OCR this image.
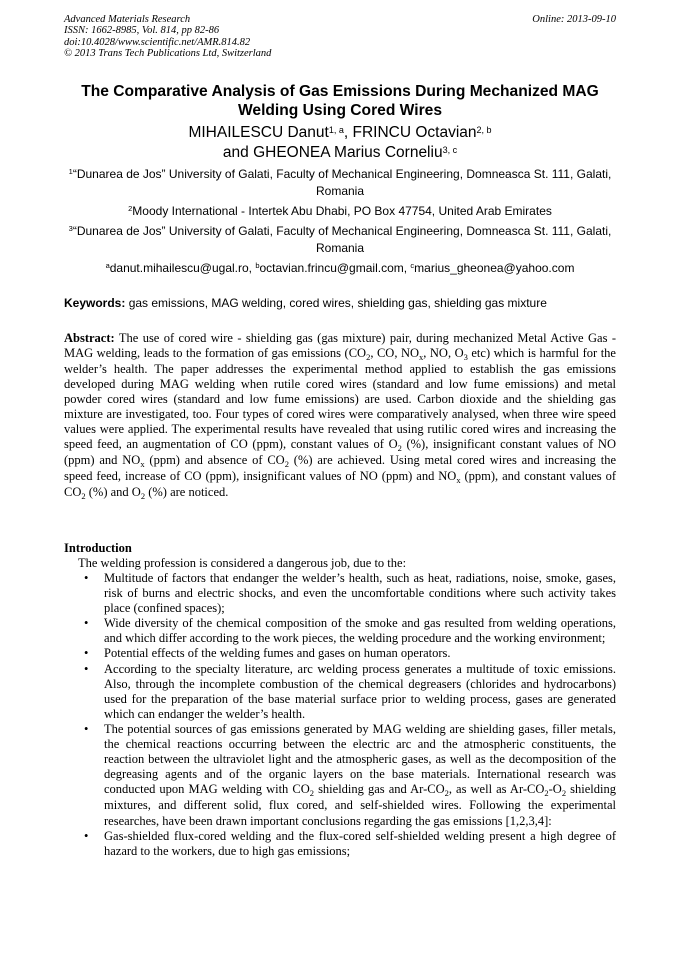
Advanced Materials Research
ISSN: 1662-8985, Vol. 814, pp 82-86
doi:10.4028/www.scientific.net/AMR.814.82
© 2013 Trans Tech Publications Ltd, Switzerland
Online: 2013-09-10
The Comparative Analysis of Gas Emissions During Mechanized MAG
Welding Using Cored Wires
MIHAILESCU Danut$^{1, a}$, FRINCU Octavian$^{2, b}$
and GHEONEA Marius Corneliu$^{3, c}$
$^1$“Dunarea de Jos” University of Galati, Faculty of Mechanical Engineering, Domneasca St. 111, Galati, Romania
$^2$Moody International - Intertek Abu Dhabi, PO Box 47754, United Arab Emirates
$^3$“Dunarea de Jos” University of Galati, Faculty of Mechanical Engineering, Domneasca St. 111, Galati, Romania
$^a$danut.mihailescu@ugal.ro, $^b$octavian.frincu@gmail.com, $^c$marius_gheonea@yahoo.com
Keywords: gas emissions, MAG welding, cored wires, shielding gas, shielding gas mixture
Abstract: The use of cored wire - shielding gas (gas mixture) pair, during mechanized Metal Active Gas - MAG welding, leads to the formation of gas emissions ($CO_2$, CO, $NO_x$, NO, $O_3$ etc) which is harmful for the welder’s health. The paper addresses the experimental method applied to establish the gas emissions developed during MAG welding when rutile cored wires (standard and low fume emissions) and metal powder cored wires (standard and low fume emissions) are used. Carbon dioxide and the shielding gas mixture are investigated, too. Four types of cored wires were comparatively analysed, when three wire speed values were applied. The experimental results have revealed that using rutilic cored wires and increasing the speed feed, an augmentation of CO (ppm), constant values of $O_2$ (%), insignificant constant values of NO (ppm) and $NO_x$ (ppm) and absence of $CO_2$ (%) are achieved. Using metal cored wires and increasing the speed feed, increase of CO (ppm), insignificant values of NO (ppm) and $NO_x$ (ppm), and constant values of $CO_2$ (%) and $O_2$ (%) are noticed.
Introduction
The welding profession is considered a dangerous job, due to the:
• Multitude of factors that endanger the welder’s health, such as heat, radiations, noise, smoke, gases, risk of burns and electric shocks, and even the uncomfortable conditions where such activity takes place (confined spaces);
• Wide diversity of the chemical composition of the smoke and gas resulted from welding operations, and which differ according to the work pieces, the welding procedure and the working environment;
• Potential effects of the welding fumes and gases on human operators.
• According to the specialty literature, arc welding process generates a multitude of toxic emissions. Also, through the incomplete combustion of the chemical degreasers (chlorides and hydrocarbons) used for the preparation of the base material surface prior to welding process, gases are generated which can endanger the welder’s health.
• The potential sources of gas emissions generated by MAG welding are shielding gases, filler metals, the chemical reactions occurring between the electric arc and the atmospheric constituents, the reaction between the ultraviolet light and the atmospheric gases, as well as the decomposition of the degreasing agents and of the organic layers on the base materials. International research was conducted upon MAG welding with $CO_2$ shielding gas and $Ar-CO_2$, as well as $Ar-CO_2-O_2$ shielding mixtures, and different solid, flux cored, and self-shielded wires. Following the experimental researches, have been drawn important conclusions regarding the gas emissions [1,2,3,4]:
• Gas-shielded flux-cored welding and the flux-cored self-shielded welding present a high degree of hazard to the workers, due to high gas emissions;
